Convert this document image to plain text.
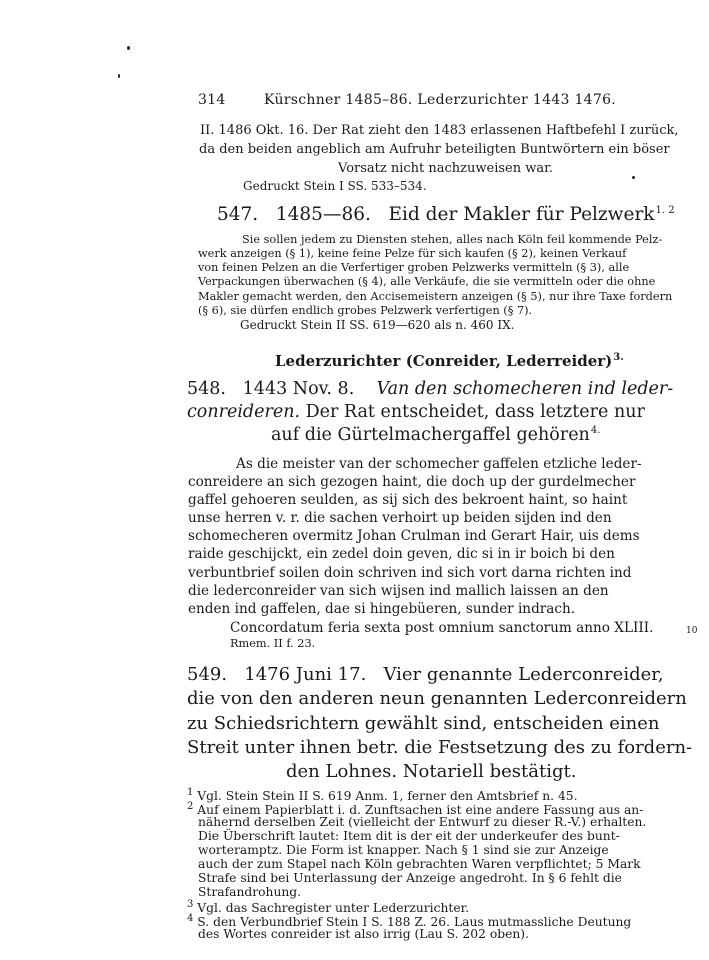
314	Kürschner 1485–86. Lederzurichter 1443 1476.
II. 1486 Okt. 16. Der Rat zieht den 1483 erlassenen Haftbefehl I zurück,
da den beiden angeblich am Aufruhr beteiligten Buntwörtern ein böser
Vorsatz nicht nachzuweisen war.
Gedruckt Stein I SS. 533–534.
547. 1485—86. Eid der Makler für Pelzwerk$^{1. 2}$
Sie sollen jedem zu Diensten stehen, alles nach Köln feil kommende Pelz-
werk anzeigen (§ 1), keine feine Pelze für sich kaufen (§ 2), keinen Verkauf
von feinen Pelzen an die Verfertiger groben Pelzwerks vermitteln (§ 3), alle
Verpackungen überwachen (§ 4), alle Verkäufe, die sie vermitteln oder die ohne
Makler gemacht werden, den Accisemeistern anzeigen (§ 5), nur ihre Taxe fordern
(§ 6), sie dürfen endlich grobes Pelzwerk verfertigen (§ 7).
Gedruckt Stein II SS. 619—620 als n. 460 IX.
Lederzurichter (Conreider, Lederreider)$^{3.}$
548. 1443 Nov. 8. Van den schomecheren ind leder-
conreideren. Der Rat entscheidet, dass letztere nur
auf die Gürtelmachergaffel gehören$^{4.}$
As die meister van der schomecher gaffelen etzliche leder-
conreidere an sich gezogen haint, die doch up der gurdelmecher
gaffel gehoeren seulden, as sij sich des bekroent haint, so haint
unse herren v. r. die sachen verhoirt up beiden sijden ind den
schomecheren overmitz Johan Crulman ind Gerart Hair, uis dems
raide geschijckt, ein zedel doin geven, dic si in ir boich bi den
verbuntbrief soilen doin schriven ind sich vort darna richten ind
die lederconreider van sich wijsen ind mallich laissen an den
enden ind gaffelen, dae si hingebüeren, sunder indrach.
Concordatum feria sexta post omnium sanctorum anno XLIII.	10
Rmem. II f. 23.
549. 1476 Juni 17. Vier genannte Lederconreider,
die von den anderen neun genannten Lederconreidern
zu Schiedsrichtern gewählt sind, entscheiden einen
Streit unter ihnen betr. die Festsetzung des zu fordern-
den Lohnes. Notariell bestätigt.
$^1$ Vgl. Stein Stein II S. 619 Anm. 1, ferner den Amtsbrief n. 45.
$^2$ Auf einem Papierblatt i. d. Zunftsachen ist eine andere Fassung aus an-
nähernd derselben Zeit (vielleicht der Entwurf zu dieser R.-V.) erhalten.
Die Überschrift lautet: Item dit is der eit der underkeufer des bunt-
worteramptz. Die Form ist knapper. Nach § 1 sind sie zur Anzeige
auch der zum Stapel nach Köln gebrachten Waren verpflichtet; 5 Mark
Strafe sind bei Unterlassung der Anzeige angedroht. In § 6 fehlt die
Strafandrohung.
$^3$ Vgl. das Sachregister unter Lederzurichter.
$^4$ S. den Verbundbrief Stein I S. 188 Z. 26. Laus mutmassliche Deutung
des Wortes conreider ist also irrig (Lau S. 202 oben).
